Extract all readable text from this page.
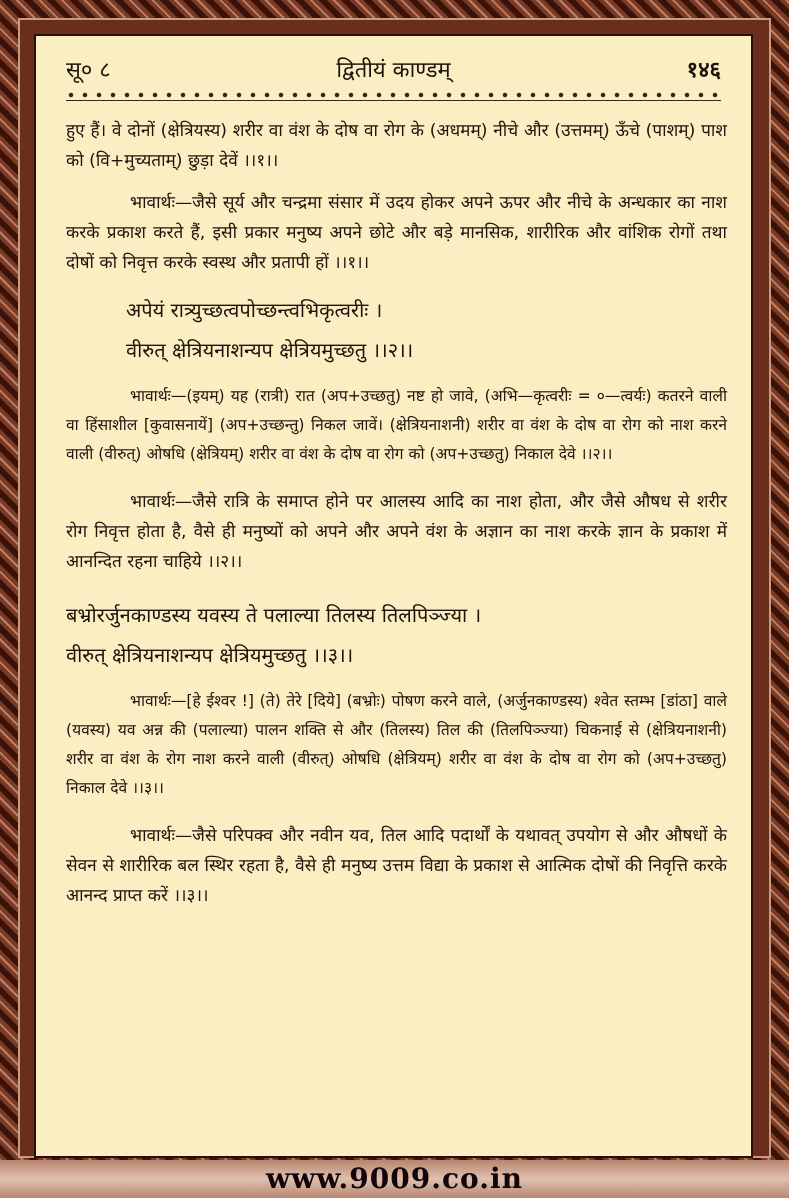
सू० ८	द्वितीयं काण्डम्	१४६

हुए हैं। वे दोनों (क्षेत्रियस्य) शरीर वा वंश के दोष वा रोग के (अधमम्) नीचे और (उत्तमम्) ऊँचे (पाशम्) पाश को (वि+मुच्यताम्) छुड़ा देवें ।।१।।

भावार्थः—जैसे सूर्य और चन्द्रमा संसार में उदय होकर अपने ऊपर और नीचे के अन्धकार का नाश करके प्रकाश करते हैं, इसी प्रकार मनुष्य अपने छोटे और बड़े मानसिक, शारीरिक और वांशिक रोगों तथा दोषों को निवृत्त करके स्वस्थ और प्रतापी हों ।।१।।

अपेयं रात्र्युच्छत्वपोच्छन्त्वभिकृत्वरीः ।

वीरुत् क्षेत्रियनाशन्यप क्षेत्रियमुच्छतु ।।२।।

भावार्थः—(इयम्) यह (रात्री) रात (अप+उच्छतु) नष्ट हो जावे, (अभि—कृत्वरीः = ०—त्वर्यः) कतरने वाली वा हिंसाशील [कुवासनायें] (अप+उच्छन्तु) निकल जावें। (क्षेत्रियनाशनी) शरीर वा वंश के दोष वा रोग को नाश करने वाली (वीरुत्) ओषधि (क्षेत्रियम्) शरीर वा वंश के दोष वा रोग को (अप+उच्छतु) निकाल देवे ।।२।।

भावार्थः—जैसे रात्रि के समाप्त होने पर आलस्य आदि का नाश होता, और जैसे औषध से शरीर रोग निवृत्त होता है, वैसे ही मनुष्यों को अपने और अपने वंश के अज्ञान का नाश करके ज्ञान के प्रकाश में आनन्दित रहना चाहिये ।।२।।

बभ्रोरर्जुनकाण्डस्य यवस्य ते पलाल्या तिलस्य तिलपिञ्ज्या ।

वीरुत् क्षेत्रियनाशन्यप क्षेत्रियमुच्छतु ।।३।।

भावार्थः—[हे ईश्वर !] (ते) तेरे [दिये] (बभ्रोः) पोषण करने वाले, (अर्जुनकाण्डस्य) श्वेत स्तम्भ [डांठा] वाले (यवस्य) यव अन्न की (पलाल्या) पालन शक्ति से और (तिलस्य) तिल की (तिलपिञ्ज्या) चिकनाई से (क्षेत्रियनाशनी) शरीर वा वंश के रोग नाश करने वाली (वीरुत्) ओषधि (क्षेत्रियम्) शरीर वा वंश के दोष वा रोग को (अप+उच्छतु) निकाल देवे ।।३।।

भावार्थः—जैसे परिपक्व और नवीन यव, तिल आदि पदार्थों के यथावत् उपयोग से और औषधों के सेवन से शारीरिक बल स्थिर रहता है, वैसे ही मनुष्य उत्तम विद्या के प्रकाश से आत्मिक दोषों की निवृत्ति करके आनन्द प्राप्त करें ।।३।।

www.9009.co.in
